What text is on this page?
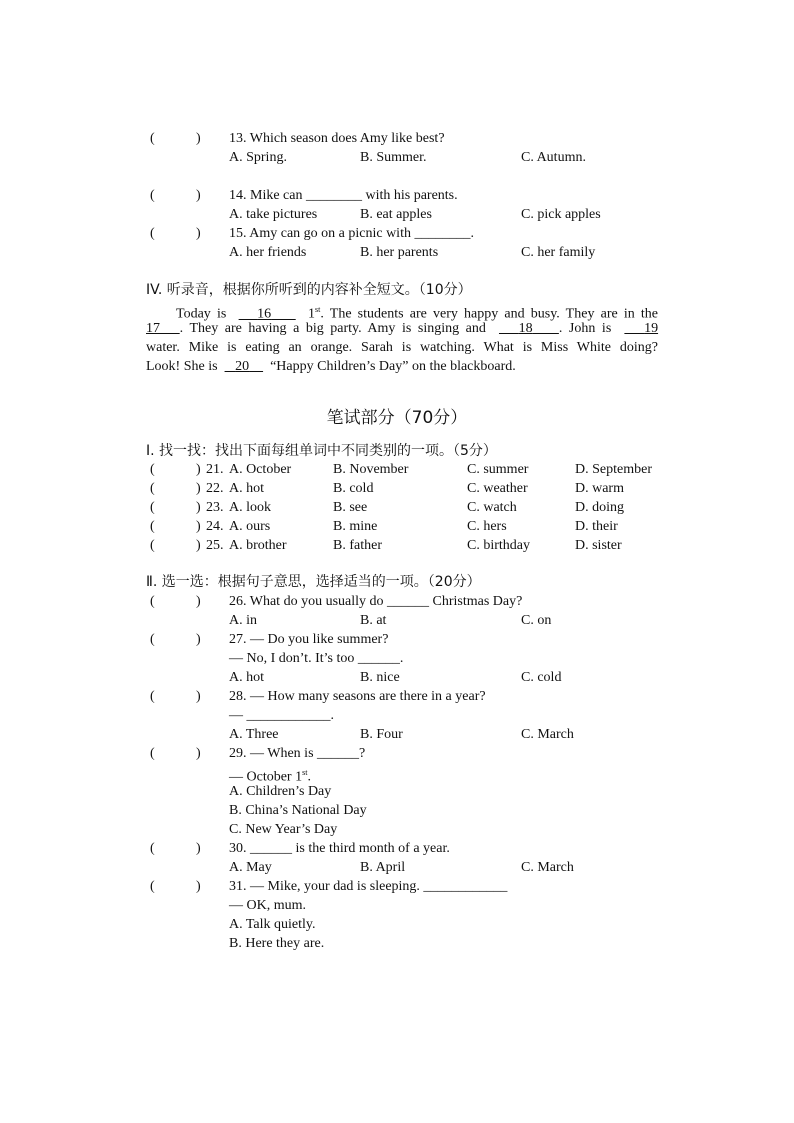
(	) 13. Which season does Amy like best?
A. Spring.	B. Summer.	C. Autumn.
(	) 14. Mike can ________ with his parents.
A. take pictures	B. eat apples	C. pick apples
(	) 15. Amy can go on a picnic with ________.
A. her friends	B. her parents	C. her family
IV. 听录音，根据你所听到的内容补全短文。（10分）
Today is 16	1st. The students are very happy and busy. They are in the
17 . They are having a big party. Amy is singing and 18 . John is 19
water. Mike is eating an orange. Sarah is watching. What is Miss White doing?
Look! She is 20 “Happy Children’s Day” on the blackboard.
笔试部分（70分）
Ⅰ. 找一找：找出下面每组单词中不同类别的一项。（5分）
(	) 21. A. October	B. November	C. summer	D. September
(	) 22. A. hot	B. cold	C. weather	D. warm
(	) 23. A. look	B. see	C. watch	D. doing
(	) 24. A. ours	B. mine	C. hers	D. their
(	) 25. A. brother	B. father	C. birthday	D. sister
Ⅱ. 选一选：根据句子意思，选择适当的一项。（20分）
(	) 26. What do you usually do ______ Christmas Day?
A. in	B. at	C. on
(	) 27. — Do you like summer?
— No, I don’t. It’s too ______.
A. hot	B. nice	C. cold
(	) 28. — How many seasons are there in a year?
— ____________.
A. Three	B. Four	C. March
(	) 29. — When is ______?
— October 1st.
A. Children’s Day
B. China’s National Day
C. New Year’s Day
(	) 30. ______ is the third month of a year.
A. May	B. April	C. March
(	) 31. — Mike, your dad is sleeping. ____________
— OK, mum.
A. Talk quietly.
B. Here they are.
